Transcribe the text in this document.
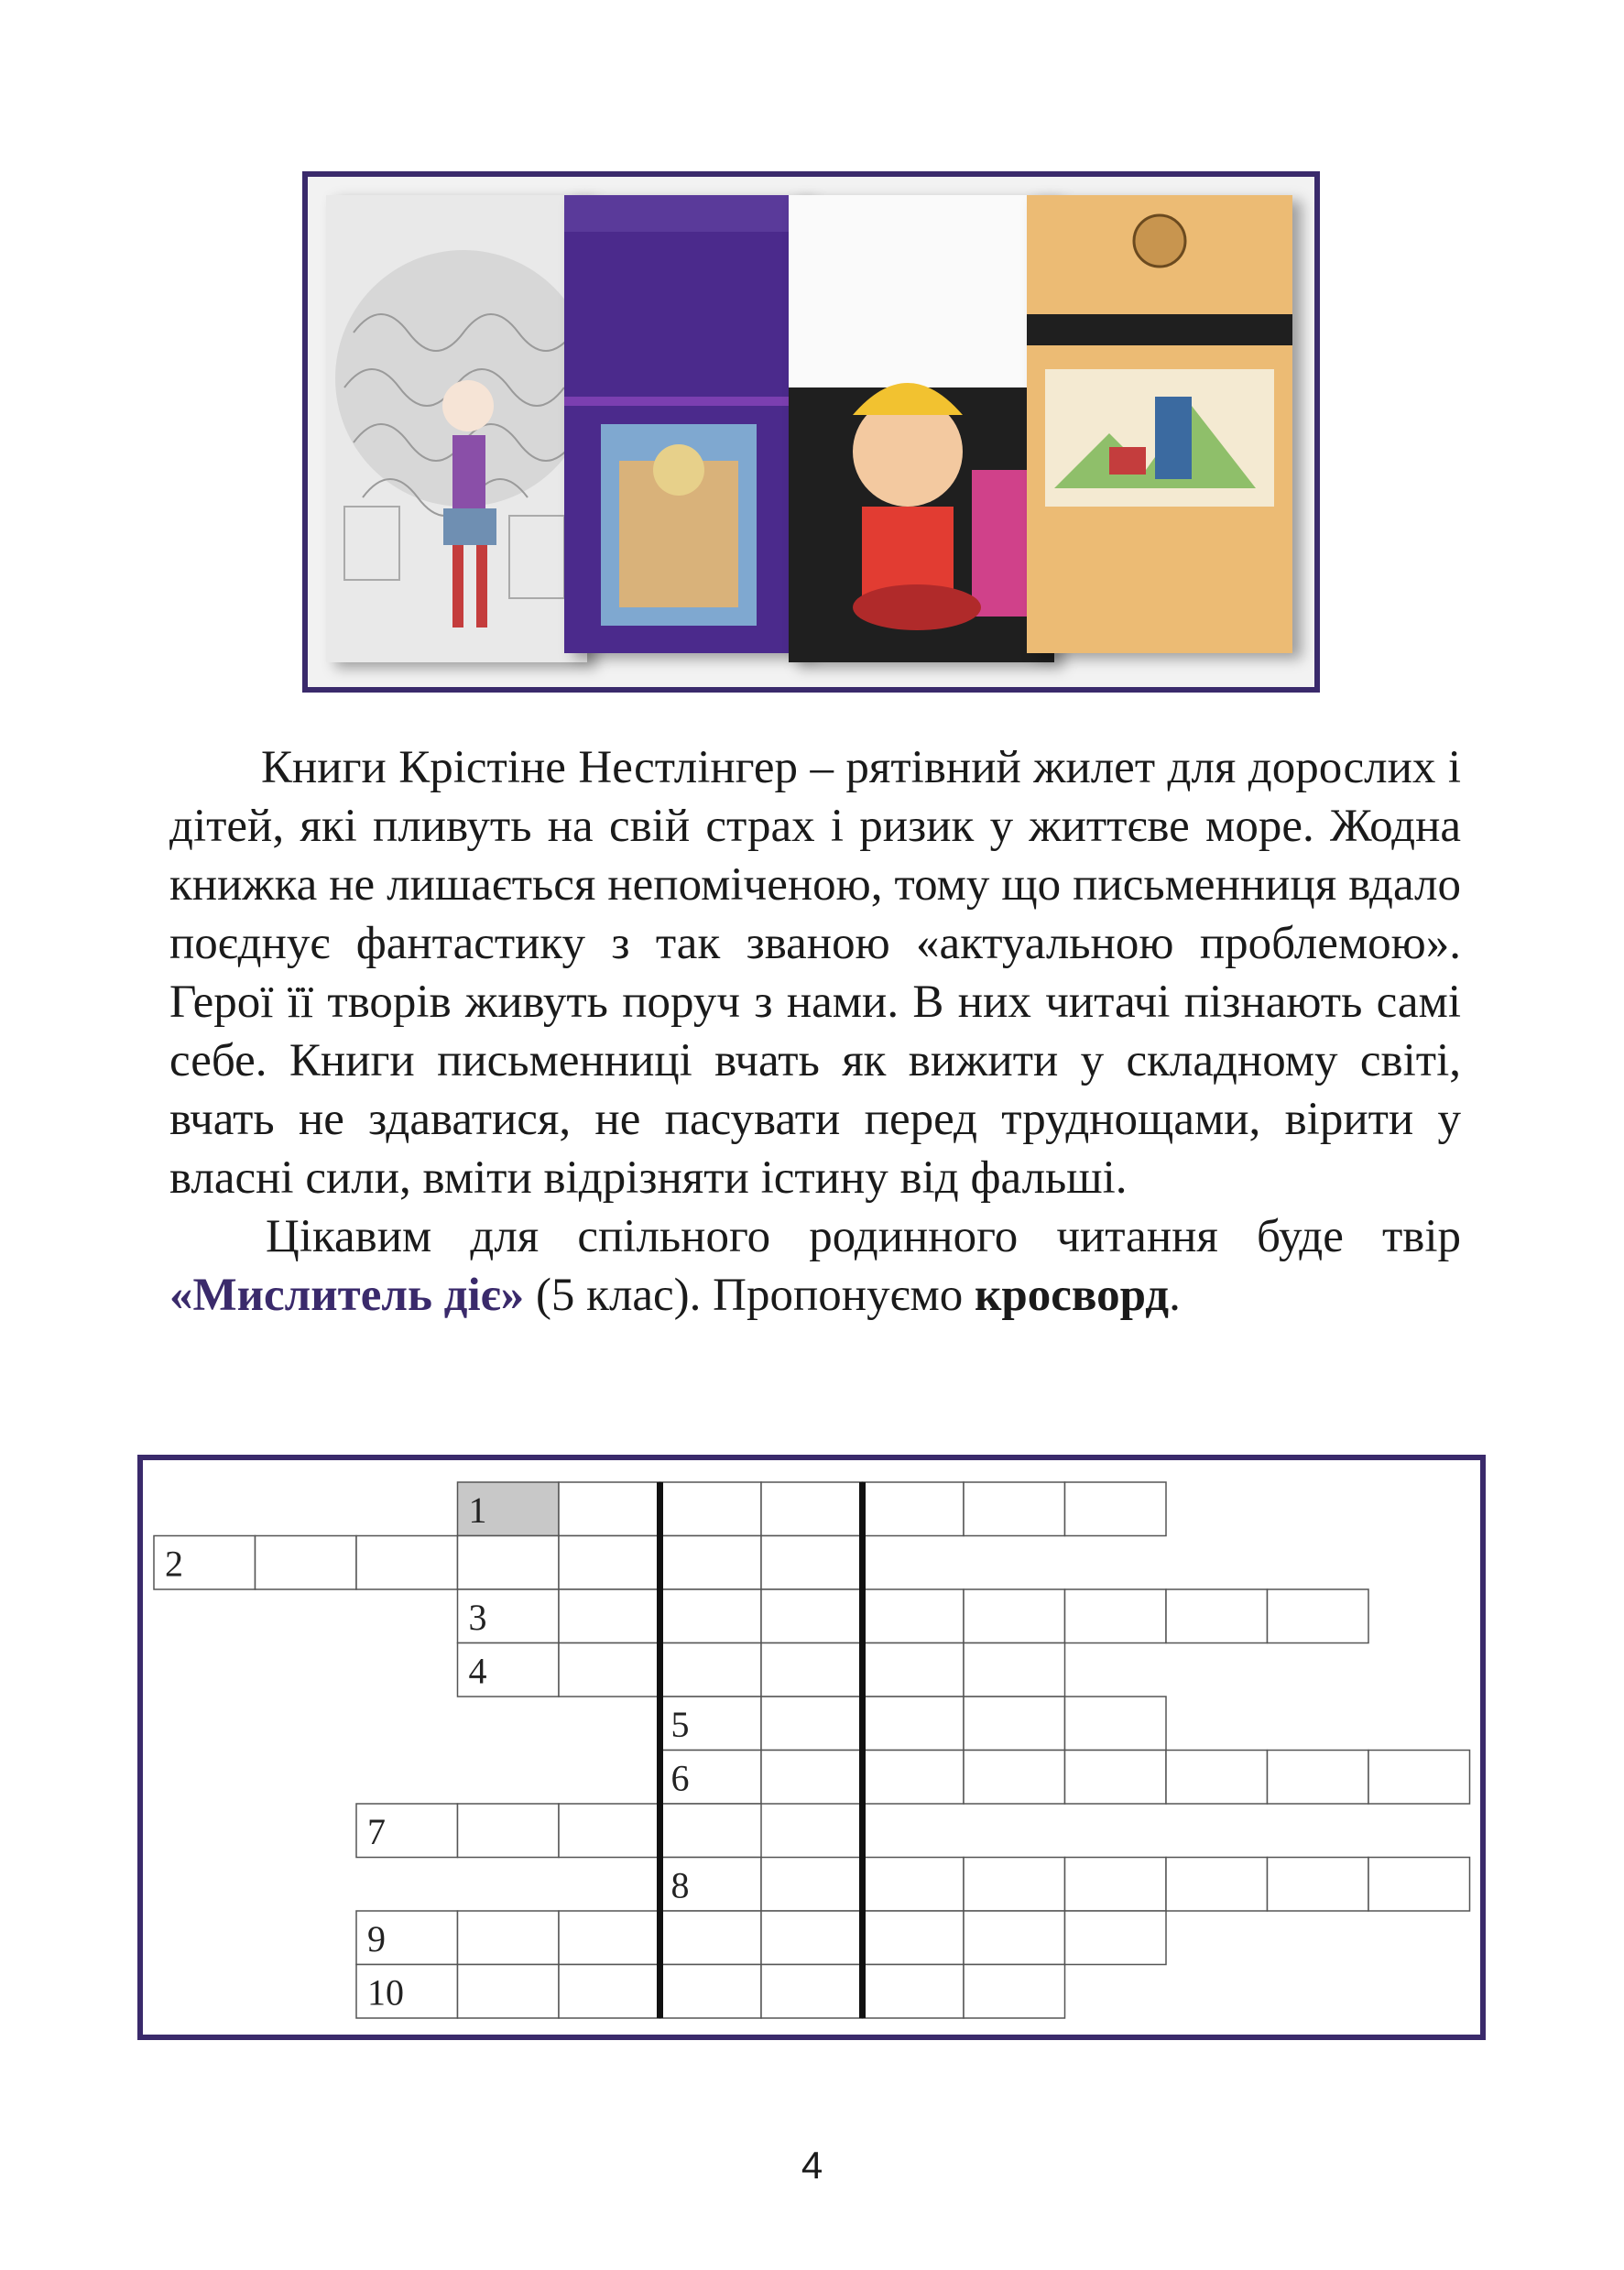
Книги Крістіне Нестлінгер – рятівний жилет для дорослих і дітей, які пливуть на свій страх і ризик у життєве море. Жодна книжка не лишається непоміченою, тому що письменниця вдало поєднує фантастику з так званою «актуальною проблемою». Герої її творів живуть поруч з нами. В них читачі пізнають самі себе. Книги письменниці вчать як вижити у складному світі, вчать не здаватися, не пасувати перед труднощами, вірити у власні сили, вміти відрізняти істину від фальші.

Цікавим для спільного родинного читання буде твір «Мислитель діє» (5 клас). Пропонуємо кросворд.

1
2
3
4
5
6
7
8
9
10
4
